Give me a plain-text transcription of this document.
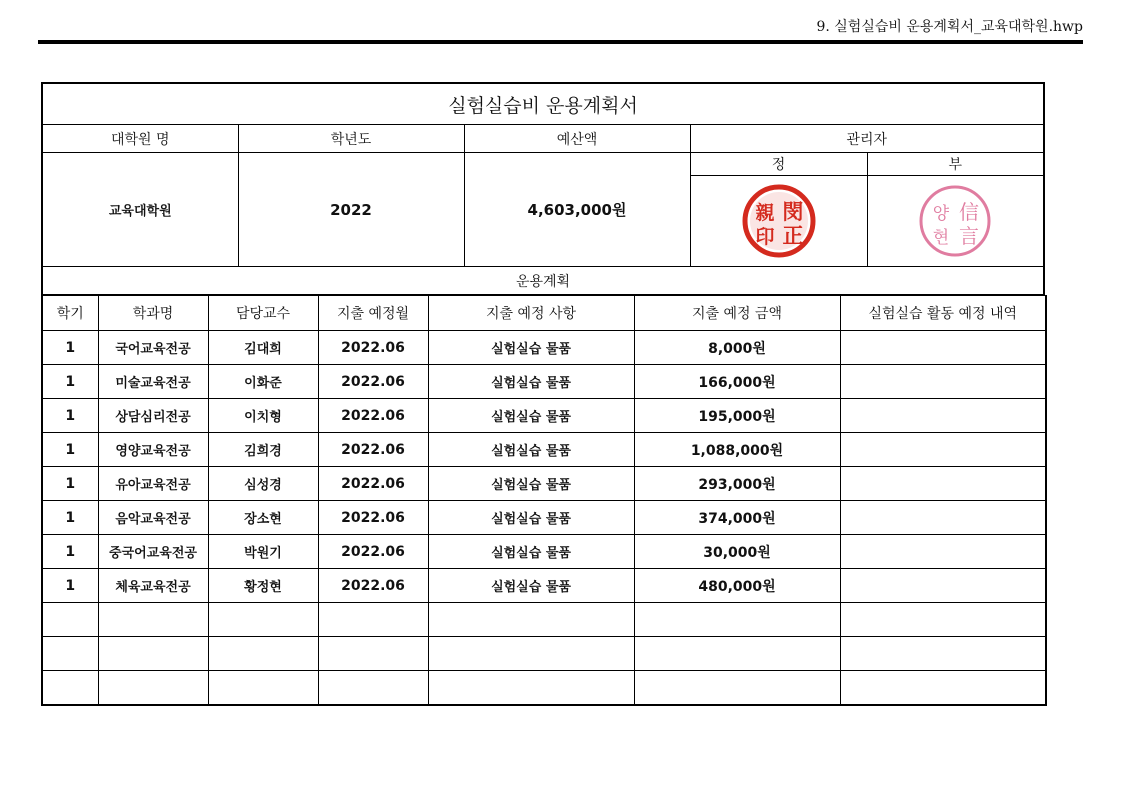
9. 실험실습비 운용계획서_교육대학원.hwp
실험실습비 운용계획서				
대학원 명	학년도	예산액	관리자	
교육대학원	2022	4,603,000원	정	부

閔
正
親
印	信
言
양
현

운용계획				
학기	학과명	담당교수	지출 예정월	지출 예정 사항	지출 예정 금액	실험실습 활동 예정 내역
1	국어교육전공	김대희	2022.06	실험실습 물품	8,000원	
1	미술교육전공	이화준	2022.06	실험실습 물품	166,000원	
1	상담심리전공	이치형	2022.06	실험실습 물품	195,000원	
1	영양교육전공	김희경	2022.06	실험실습 물품	1,088,000원	
1	유아교육전공	심성경	2022.06	실험실습 물품	293,000원	
1	음악교육전공	장소현	2022.06	실험실습 물품	374,000원	
1	중국어교육전공	박원기	2022.06	실험실습 물품	30,000원	
1	체육교육전공	황정현	2022.06	실험실습 물품	480,000원	
